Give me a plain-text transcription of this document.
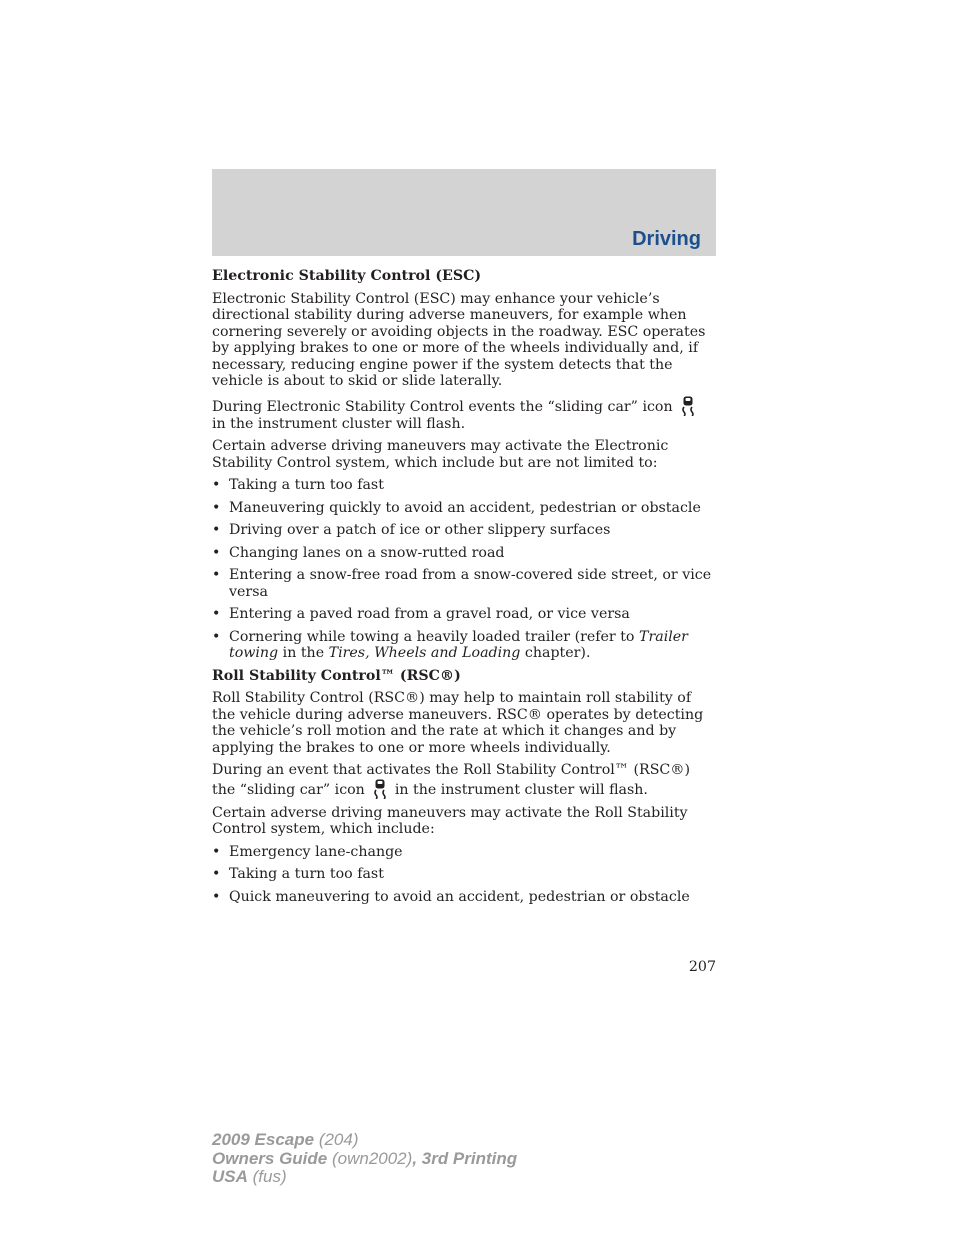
Driving
Electronic Stability Control (ESC)

Electronic Stability Control (ESC) may enhance your vehicle’s directional stability during adverse maneuvers, for example when cornering severely or avoiding objects in the roadway. ESC operates by applying brakes to one or more of the wheels individually and, if necessary, reducing engine power if the system detects that the vehicle is about to skid or slide laterally.

During Electronic Stability Control events the “sliding car” iconin the instrument cluster will flash.

Certain adverse driving maneuvers may activate the Electronic Stability Control system, which include but are not limited to:

• Taking a turn too fast
• Maneuvering quickly to avoid an accident, pedestrian or obstacle
• Driving over a patch of ice or other slippery surfaces
• Changing lanes on a snow-rutted road
• Entering a snow-free road from a snow-covered side street, or vice versa
• Entering a paved road from a gravel road, or vice versa
• Cornering while towing a heavily loaded trailer (refer to Trailer towing in the Tires, Wheels and Loading chapter).
Roll Stability Control™ (RSC®)

Roll Stability Control (RSC®) may help to maintain roll stability of the vehicle during adverse maneuvers. RSC® operates by detecting the vehicle’s roll motion and the rate at which it changes and by applying the brakes to one or more wheels individually.

During an event that activates the Roll Stability Control™ (RSC®) the “sliding car” icon in the instrument cluster will flash.

Certain adverse driving maneuvers may activate the Roll Stability Control system, which include:

• Emergency lane-change
• Taking a turn too fast
• Quick maneuvering to avoid an accident, pedestrian or obstacle
207
2009 Escape (204)
Owners Guide (own2002), 3rd Printing
USA (fus)
